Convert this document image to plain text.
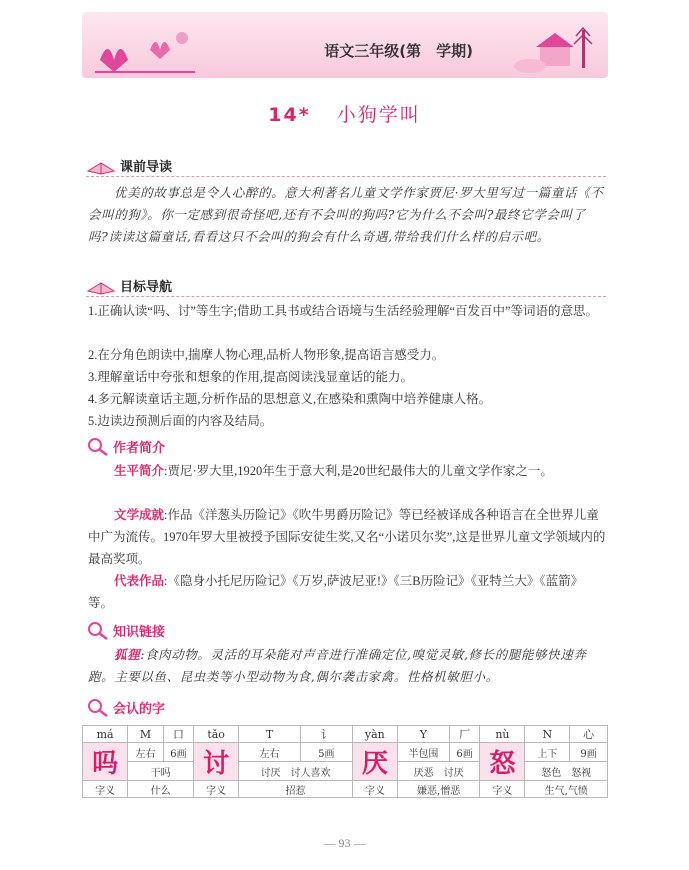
语文三年级(第　学期)
14* 小狗学叫
课前导读

优美的故事总是令人心醉的。意大利著名儿童文学作家贾尼·罗大里写过一篇童话《不会叫的狗》。你一定感到很奇怪吧,还有不会叫的狗吗?它为什么不会叫?最终它学会叫了吗?读读这篇童话,看看这只不会叫的狗会有什么奇遇,带给我们什么样的启示吧。

目标导航

1.正确认读“吗、讨”等生字;借助工具书或结合语境与生活经验理解“百发百中”等词语的意思。

2.在分角色朗读中,揣摩人物心理,品析人物形象,提高语言感受力。

3.理解童话中夸张和想象的作用,提高阅读浅显童话的能力。

4.多元解读童话主题,分析作品的思想意义,在感染和熏陶中培养健康人格。

5.边读边预测后面的内容及结局。

作者简介

生平简介:贾尼·罗大里,1920年生于意大利,是20世纪最伟大的儿童文学作家之一。

文学成就:作品《洋葱头历险记》《吹牛男爵历险记》等已经被译成各种语言在全世界儿童中广为流传。1970年罗大里被授予国际安徒生奖,又名“小诺贝尔奖”,这是世界儿童文学领域内的最高奖项。

代表作品:《隐身小托尼历险记》《万岁,萨波尼亚!》《三B历险记》《亚特兰大》《蓝箭》等。

知识链接

狐狸:食肉动物。灵活的耳朵能对声音进行准确定位,嗅觉灵敏,修长的腿能够快速奔跑。主要以鱼、昆虫类等小型动物为食,偶尔袭击家禽。性格机敏胆小。

会认的字
má	M	口	tǎo	T	讠	yàn	Y	厂	nù	N	心
吗	左右	6画	讨	左右	5画	厌	半包围	6画	怒	上下	9画
	干吗			讨厌　讨人喜欢			厌恶　讨厌			怒色　怒视	
字义	什么		字义	招惹		字义	嫌恶,憎恶		字义	生气,气愤	
— 93 —
